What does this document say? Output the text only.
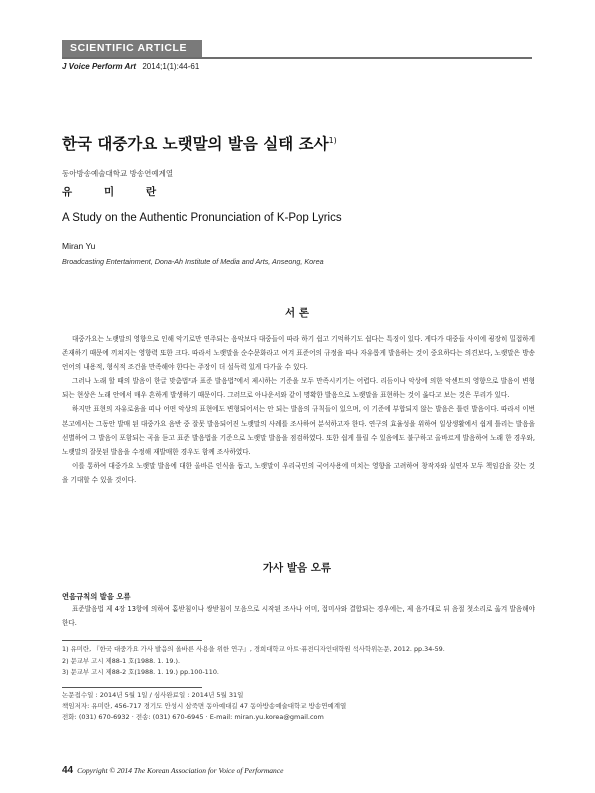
SCIENTIFIC ARTICLE
J Voice Perform Art 2014;1(1):44-61
한국 대중가요 노랫말의 발음 실태 조사$^{1)}$
동아방송예술대학교 방송연예계열
유	미	란
A Study on the Authentic Pronunciation of K-Pop Lyrics
Miran Yu
Broadcasting Entertainment, Dona-Ah Institute of Media and Arts, Anseong, Korea
서 론

대중가요는 노랫말의 영향으로 인해 악기로만 연주되는 음악보다 대중들이 따라 하기 쉽고 기억하기도 쉽다는 특징이 있다. 게다가 대중들 사이에 굉장히 밀접하게 존재하기 때문에 끼쳐지는 영향력 또한 크다. 따라서 노랫말을 순수문화라고 여겨 표준어의 규정을 따나 자유롭게 발음하는 것이 중요하다는 의견보다, 노랫말은 방송언어의 내용적, 형식적 조건을 만족해야 한다는 주장이 더 설득력 있게 다가올 수 있다.

그러나 노래 할 때의 발음이 한글 맞춤법²과 표준 발음법³에서 제시하는 기준을 모두 만족시키기는 어렵다. 리듬이나 악상에 의한 악센트의 영향으로 발음이 변형되는 현상은 노래 안에서 매우 흔하게 발생하기 때문이다. 그러므로 아나운서와 같이 명확한 발음으로 노랫말을 표현하는 것이 옳다고 보는 것은 무리가 있다.

하지만 표현의 자유로움을 띠나 어떤 악상의 표현에도 변형되어서는 안 되는 발음의 규칙들이 있으며, 이 기준에 부합되지 않는 발음은 틀린 발음이다. 따라서 이번 본고에서는 그동안 발매 된 대중가요 음반 중 잘못 발음되어진 노랫말의 사례를 조사하여 분석하고자 한다. 연구의 효율성을 위하여 일상생활에서 쉽게 틀리는 발음을 선별하여 그 발음이 포함되는 곡을 듣고 표준 발음법을 기준으로 노랫말 발음을 점검하였다. 또한 쉽게 틀릴 수 있음에도 불구하고 올바르게 발음하여 노래 한 경우와, 노랫말의 잘못된 발음을 수정해 재발매한 경우도 함께 조사하였다.

이를 통하여 대중가요 노랫말 발음에 대한 올바른 인식을 돕고, 노랫말이 우리국민의 국어사용에 미치는 영향을 고려하여 창작자와 실연자 모두 책임감을 갖는 것을 기대할 수 있을 것이다.

가사 발음 오류
연음규칙의 발음 오류

표준발음법 제 4장 13항에 의하여 홑받침이나 쌍받침이 모음으로 시작된 조사나 어미, 접미사와 결합되는 경우에는, 제 음가대로 뒤 음절 첫소리로 옮겨 발음해야 한다.

1) 유미란, 『한국 대중가요 가사 발음의 올바른 사용을 위한 연구』, 경희대학교 아트·퓨전디자인대학원 석사학위논문, 2012. pp.34-59.
2) 문교부 고시 제88-1 호(1988. 1. 19.).
3) 문교부 고시 제88-2 호(1988. 1. 19.) pp.100-110.
논문접수일 : 2014년 5월 1일 / 심사완료일 : 2014년 5월 31일
책임저자: 유미란, 456-717 경기도 안성시 삼죽면 동아예대길 47 동아방송예술대학교 방송연예계열
전화: (031) 670-6932 · 전송: (031) 670-6945 · E-mail: miran.yu.korea@gmail.com
44 Copyright © 2014 The Korean Association for Voice of Performance
